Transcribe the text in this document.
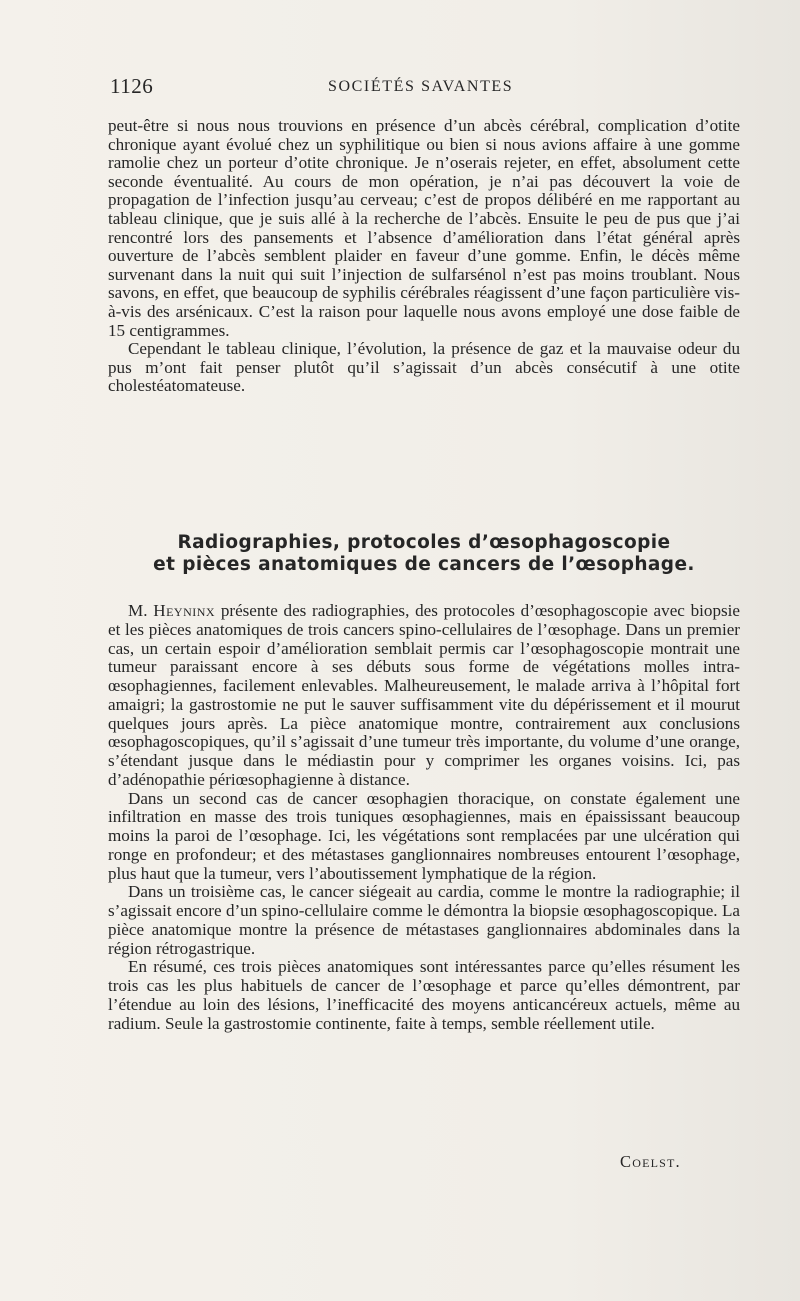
1126	SOCIÉTÉS SAVANTES

peut-être si nous nous trouvions en présence d’un abcès cérébral, complication d’otite chronique ayant évolué chez un syphilitique ou bien si nous avions affaire à une gomme ramolie chez un porteur d’otite chronique. Je n’oserais rejeter, en effet, absolument cette seconde éventualité. Au cours de mon opération, je n’ai pas découvert la voie de propagation de l’infection jusqu’au cerveau; c’est de propos délibéré en me rapportant au tableau clinique, que je suis allé à la recherche de l’abcès. Ensuite le peu de pus que j’ai rencontré lors des pansements et l’absence d’amélioration dans l’état général après ouverture de l’abcès semblent plaider en faveur d’une gomme. Enfin, le décès même survenant dans la nuit qui suit l’injection de sulfarsénol n’est pas moins troublant. Nous savons, en effet, que beaucoup de syphilis cérébrales réagissent d’une façon particulière vis-à-vis des arsénicaux. C’est la raison pour laquelle nous avons employé une dose faible de 15 centigrammes.

Cependant le tableau clinique, l’évolution, la présence de gaz et la mauvaise odeur du pus m’ont fait penser plutôt qu’il s’agissait d’un abcès consécutif à une otite cholestéatomateuse.

Radiographies, protocoles d’œsophagoscopie
et pièces anatomiques de cancers de l’œsophage.

M. Heyninx présente des radiographies, des protocoles d’œsophagoscopie avec biopsie et les pièces anatomiques de trois cancers spino-cellulaires de l’œsophage. Dans un premier cas, un certain espoir d’amélioration semblait permis car l’œsophagoscopie montrait une tumeur paraissant encore à ses débuts sous forme de végétations molles intra-œsophagiennes, facilement enlevables. Malheureusement, le malade arriva à l’hôpital fort amaigri; la gastrostomie ne put le sauver suffisamment vite du dépérissement et il mourut quelques jours après. La pièce anatomique montre, contrairement aux conclusions œsophagoscopiques, qu’il s’agissait d’une tumeur très importante, du volume d’une orange, s’étendant jusque dans le médiastin pour y comprimer les organes voisins. Ici, pas d’adénopathie périœsophagienne à distance.

Dans un second cas de cancer œsophagien thoracique, on constate également une infiltration en masse des trois tuniques œsophagiennes, mais en épaississant beaucoup moins la paroi de l’œsophage. Ici, les végétations sont remplacées par une ulcération qui ronge en profondeur; et des métastases ganglionnaires nombreuses entourent l’œsophage, plus haut que la tumeur, vers l’aboutissement lymphatique de la région.

Dans un troisième cas, le cancer siégeait au cardia, comme le montre la radiographie; il s’agissait encore d’un spino-cellulaire comme le démontra la biopsie œsophagoscopique. La pièce anatomique montre la présence de métastases ganglionnaires abdominales dans la région rétrogastrique.

En résumé, ces trois pièces anatomiques sont intéressantes parce qu’elles résument les trois cas les plus habituels de cancer de l’œsophage et parce qu’elles démontrent, par l’étendue au loin des lésions, l’inefficacité des moyens anticancéreux actuels, même au radium. Seule la gastrostomie continente, faite à temps, semble réellement utile.

Coelst.
